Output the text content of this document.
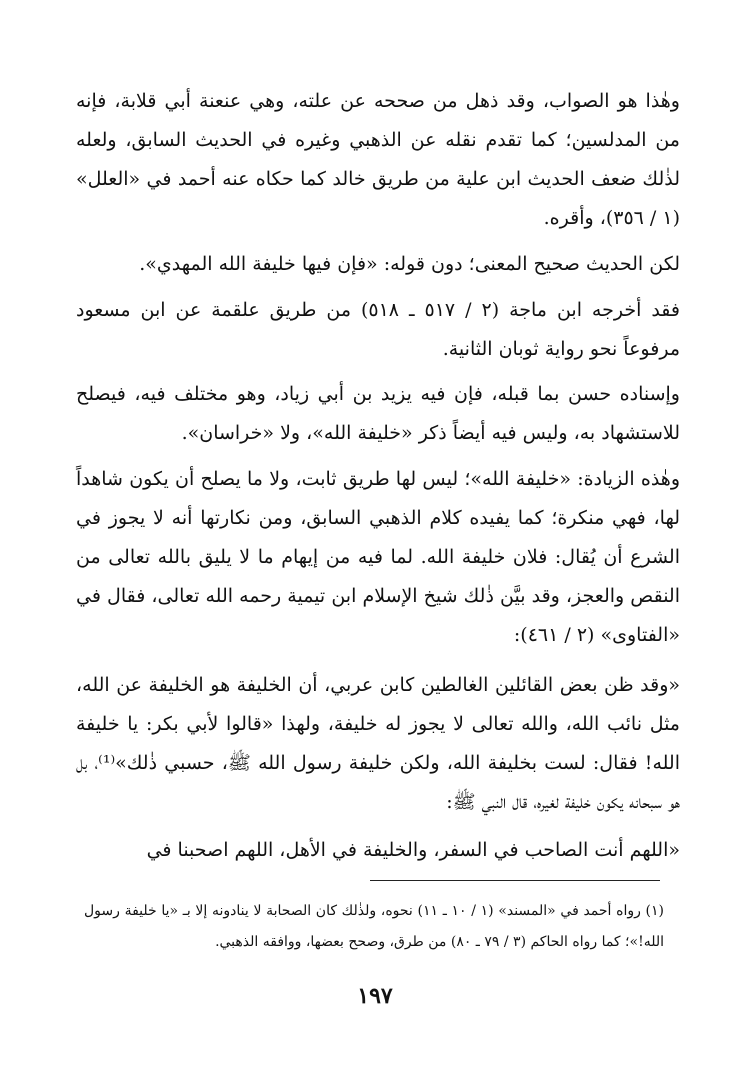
وهٰذا هو الصواب، وقد ذهل من صححه عن علته، وهي عنعنة أبي قلابة، فإنه من المدلسين؛ كما تقدم نقله عن الذهبي وغيره في الحديث السابق، ولعله لذٰلك ضعف الحديث ابن علية من طريق خالد كما حكاه عنه أحمد في «العلل» (١ / ٣٥٦)، وأقره.

لكن الحديث صحيح المعنى؛ دون قوله: «فإن فيها خليفة الله المهدي».

فقد أخرجه ابن ماجة (٢ / ٥١٧ ـ ٥١٨) من طريق علقمة عن ابن مسعود مرفوعاً نحو رواية ثوبان الثانية.

وإسناده حسن بما قبله، فإن فيه يزيد بن أبي زياد، وهو مختلف فيه، فيصلح للاستشهاد به، وليس فيه أيضاً ذكر «خليفة الله»، ولا «خراسان».

وهٰذه الزيادة: «خليفة الله»؛ ليس لها طريق ثابت، ولا ما يصلح أن يكون شاهداً لها، فهي منكرة؛ كما يفيده كلام الذهبي السابق، ومن نكارتها أنه لا يجوز في الشرع أن يُقال: فلان خليفة الله. لما فيه من إيهام ما لا يليق بالله تعالى من النقص والعجز، وقد بيَّن ذٰلك شيخ الإسلام ابن تيمية رحمه الله تعالى، فقال في «الفتاوى» (٢ / ٤٦١):

«وقد ظن بعض القائلين الغالطين كابن عربي، أن الخليفة هو الخليفة عن الله، مثل نائب الله، والله تعالى لا يجوز له خليفة، ولهذا «قالوا لأبي بكر: يا خليفة الله! فقال: لست بخليفة الله، ولكن خليفة رسول الله ﷺ، حسبي ذٰلك»⁽¹⁾، بل هو سبحانه يكون خليفة لغيره، قال النبي ﷺ:

«اللهم أنت الصاحب في السفر، والخليفة في الأهل، اللهم اصحبنا في

(١) رواه أحمد في «المسند» (١ / ١٠ ـ ١١) نحوه، ولذٰلك كان الصحابة لا ينادونه إلا بـ «يا خليفة رسول الله!»؛ كما رواه الحاكم (٣ / ٧٩ ـ ٨٠) من طرق، وصحح بعضها، ووافقه الذهبي.

١٩٧
